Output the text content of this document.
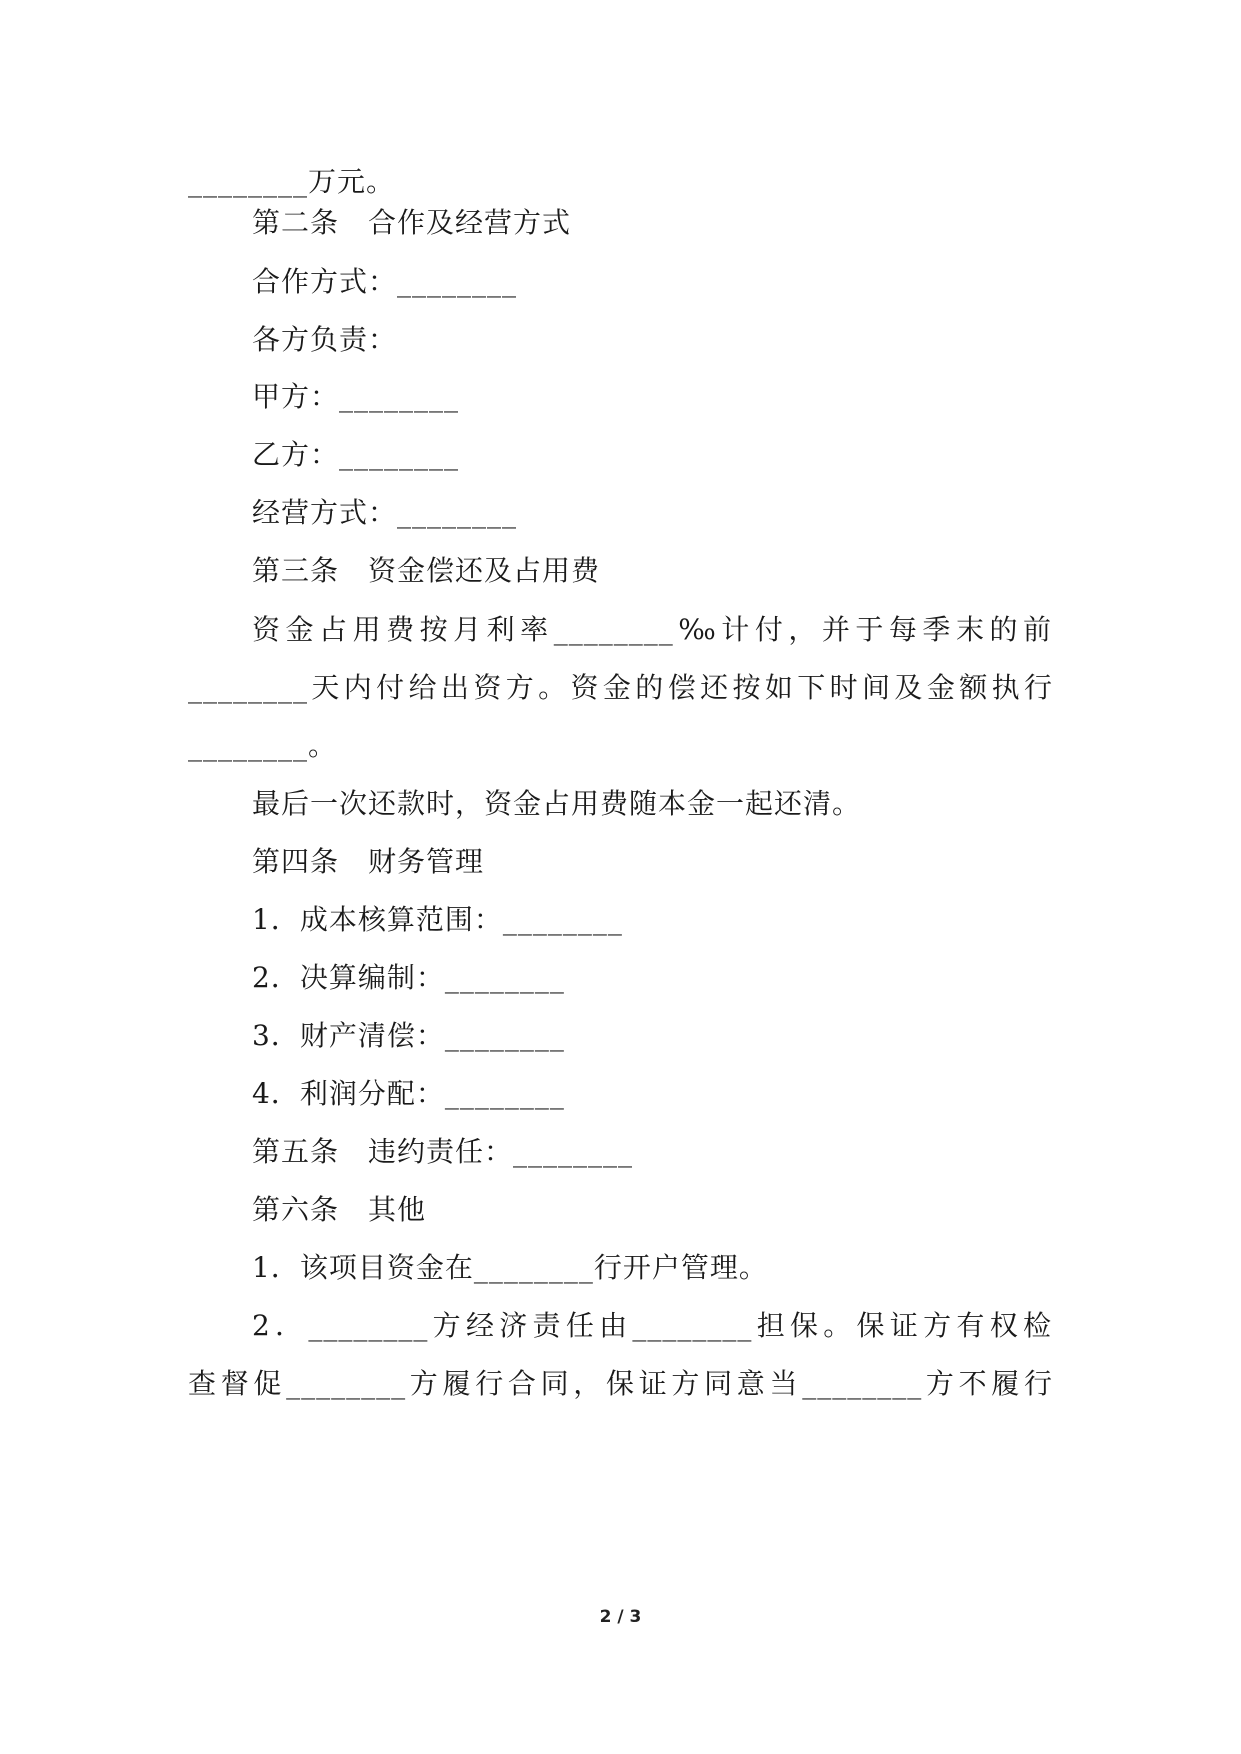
________万元。
第二条　合作及经营方式
合作方式：________
各方负责：
甲方：________
乙方：________
经营方式：________
第三条　资金偿还及占用费
资金占用费按月利率________‰计付，并于每季末的前
________天内付给出资方。资金的偿还按如下时间及金额执行
________。
最后一次还款时，资金占用费随本金一起还清。
第四条　财务管理
1．成本核算范围：________
2．决算编制：________
3．财产清偿：________
4．利润分配：________
第五条　违约责任：________
第六条　其他
1．该项目资金在________行开户管理。
2．________方经济责任由________担保。保证方有权检
查督促________方履行合同，保证方同意当________方不履行
2 / 3
